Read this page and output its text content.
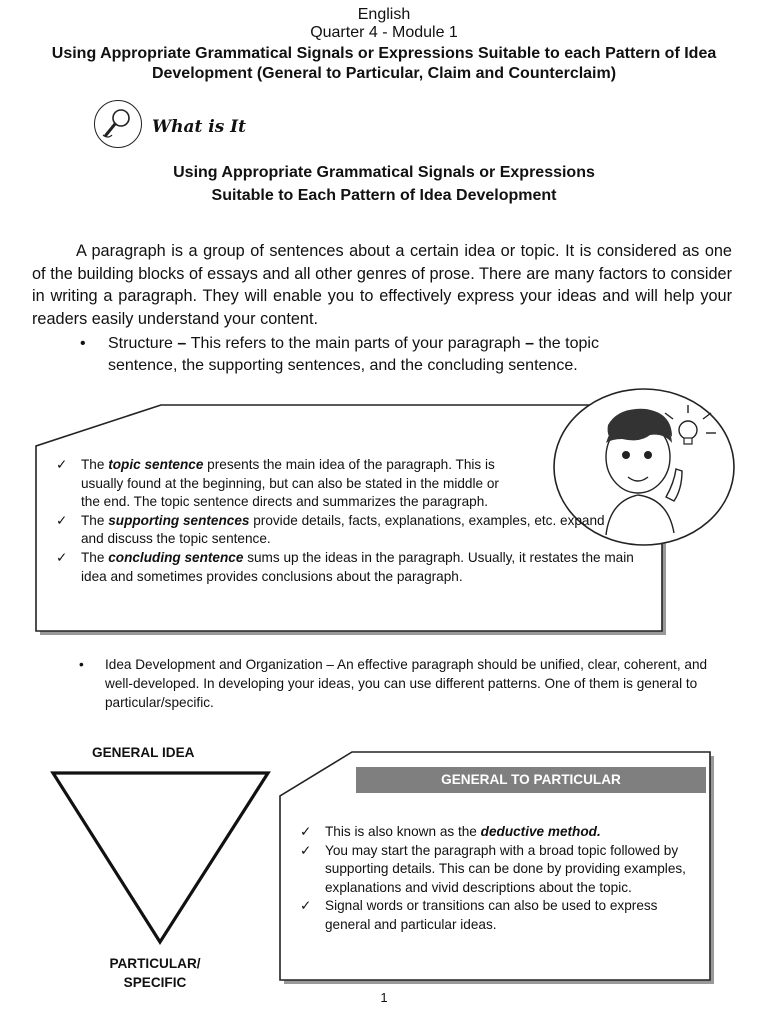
English
Quarter 4 - Module 1
Using Appropriate Grammatical Signals or Expressions Suitable to each Pattern of Idea Development (General to Particular, Claim and Counterclaim)
What is It
Using Appropriate Grammatical Signals or Expressions
Suitable to Each Pattern of Idea Development
A paragraph is a group of sentences about a certain idea or topic. It is considered as one of the building blocks of essays and all other genres of prose. There are many factors to consider in writing a paragraph. They will enable you to effectively express your ideas and will help your readers easily understand your content.
• Structure – This refers to the main parts of your paragraph – the topic sentence, the supporting sentences, and the concluding sentence.
✓ The topic sentence presents the main idea of the paragraph. This is usually found at the beginning, but can also be stated in the middle or the end. The topic sentence directs and summarizes the paragraph.
✓ The supporting sentences provide details, facts, explanations, examples, etc. expand and discuss the topic sentence.
✓ The concluding sentence sums up the ideas in the paragraph. Usually, it restates the main idea and sometimes provides conclusions about the paragraph.
• Idea Development and Organization – An effective paragraph should be unified, clear, coherent, and well-developed. In developing your ideas, you can use different patterns. One of them is general to particular/specific.
GENERAL IDEA
PARTICULAR/
SPECIFIC
GENERAL TO PARTICULAR
✓ This is also known as the deductive method.
✓ You may start the paragraph with a broad topic followed by supporting details. This can be done by providing examples, explanations and vivid descriptions about the topic.
✓ Signal words or transitions can also be used to express general and particular ideas.
1
